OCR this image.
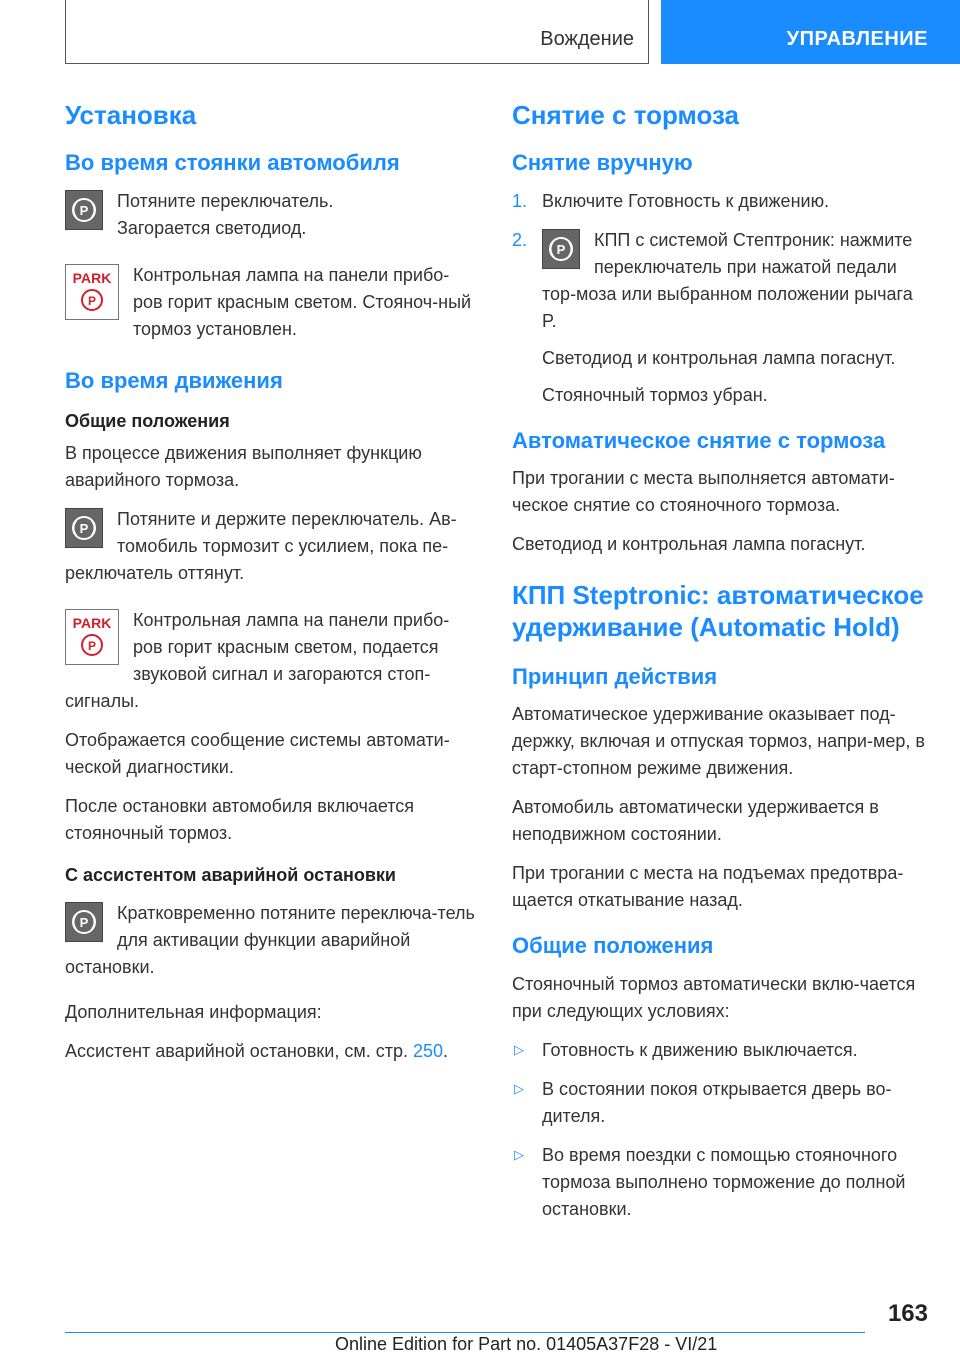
Вождение	УПРАВЛЕНИЕ
Установка
Во время стоянки автомобиля
P Потяните переключатель.
Загорается светодиод.
PARK
P
Контрольная лампа на панели прибо-ров горит красным светом. Стояноч-ный тормоз установлен.
Во время движения
Общие положения

В процессе движения выполняет функцию аварийного тормоза.

P Потяните и держите переключатель. Ав-томобиль тормозит с усилием, пока пе-реключатель оттянут.
PARK
P
Контрольная лампа на панели прибо-ров горит красным светом, подается звуковой сигнал и загораются стоп-сигналы.

Отображается сообщение системы автомати-ческой диагностики.

После остановки автомобиля включается стояночный тормоз.

С ассистентом аварийной остановки
P Кратковременно потяните переключа-тель для активации функции аварийной остановки.

Дополнительная информация:

Ассистент аварийной остановки, см. стр. 250.

Снятие с тормоза
Снятие вручную
1. Включите Готовность к движению.
2. P КПП с системой Стептроник: нажмите переключатель при нажатой педали тор-моза или выбранном положении рычага P.

Светодиод и контрольная лампа погаснут.

Стояночный тормоз убран.

Автоматическое снятие с тормоза

При трогании с места выполняется автомати-ческое снятие со стояночного тормоза.

Светодиод и контрольная лампа погаснут.

КПП Steptronic: автоматическое удерживание (Automatic Hold)
Принцип действия

Автоматическое удерживание оказывает под-держку, включая и отпуская тормоз, напри-мер, в старт-стопном режиме движения.

Автомобиль автоматически удерживается в неподвижном состоянии.

При трогании с места на подъемах предотвра-щается откатывание назад.

Общие положения

Стояночный тормоз автоматически вклю-чается при следующих условиях:

▷ Готовность к движению выключается.
▷ В состоянии покоя открывается дверь во-дителя.
▷ Во время поездки с помощью стояночного тормоза выполнено торможение до полной остановки.
163
Online Edition for Part no. 01405A37F28 - VI/21
